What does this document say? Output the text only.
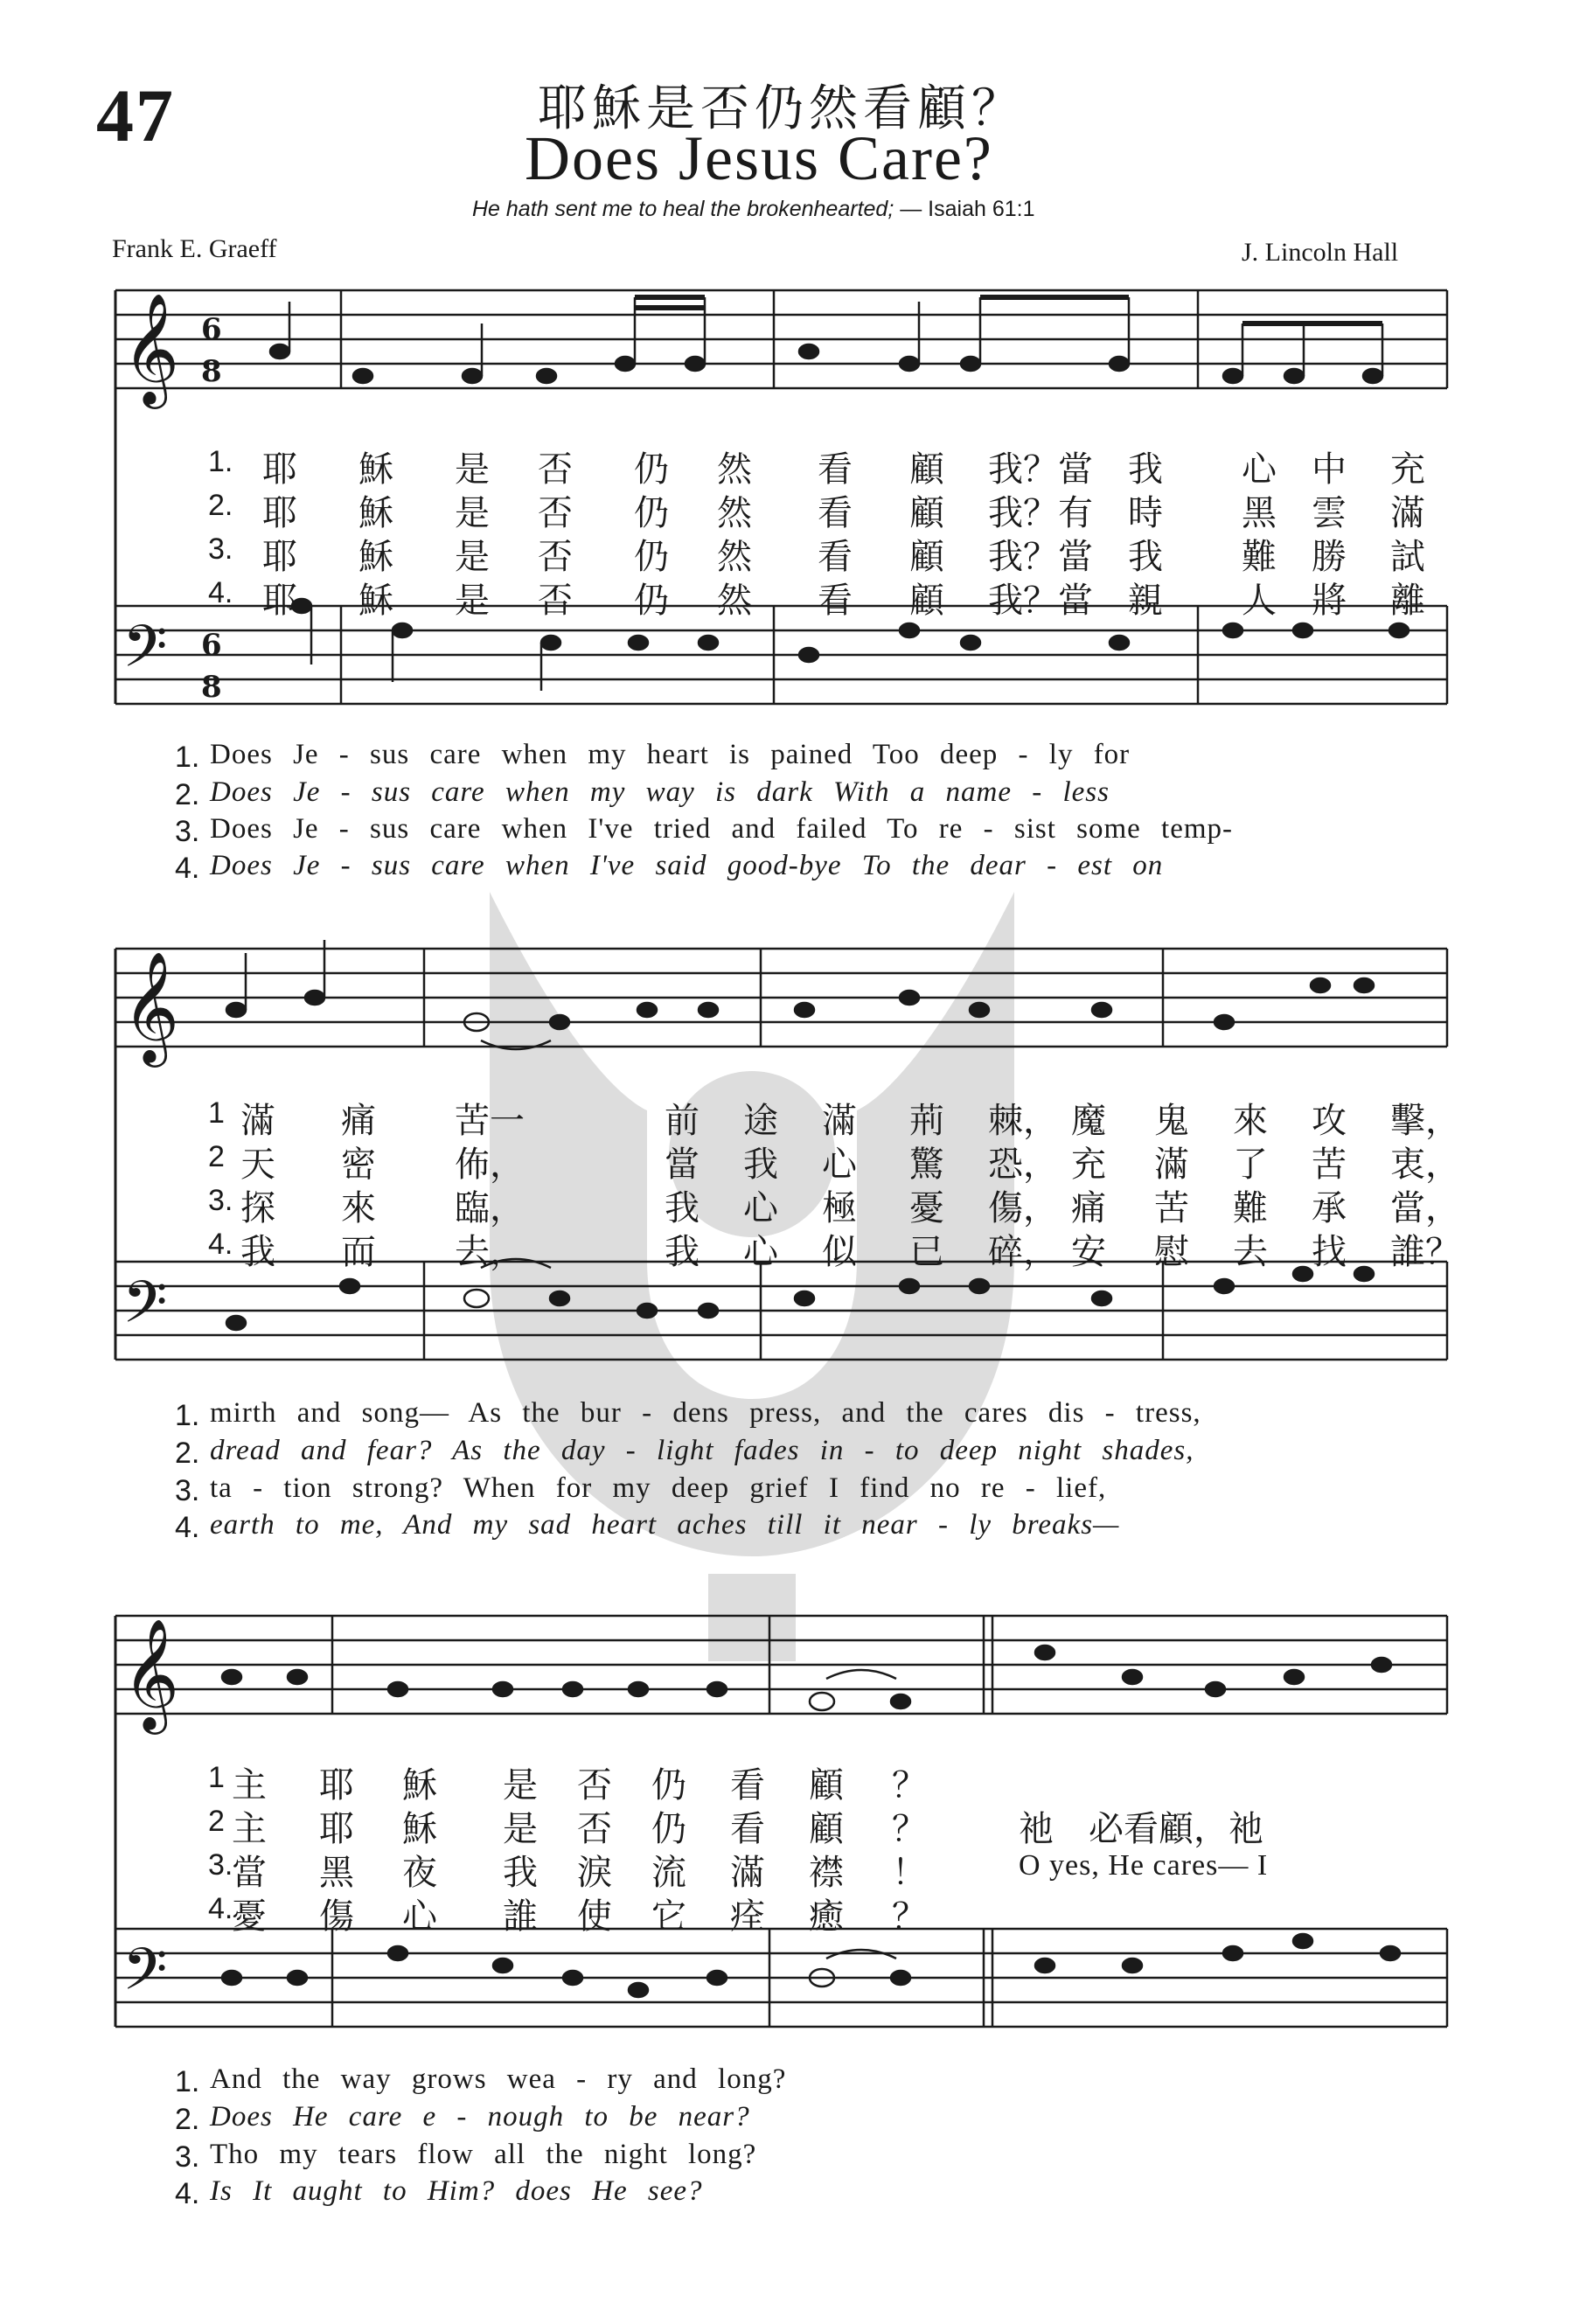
47	耶穌是否仍然看顧？
Does Jesus Care?
He hath sent me to heal the brokenhearted; — Isaiah 61:1
Frank E. Graeff	J. Lincoln Hall
𝄞 6
8
𝄢 6
8
𝄞
𝄢
𝄞
𝄢
1. 耶 穌 是 否 仍 然 看 顧 我？ 當 我 心 中 充
2. 耶 穌 是 否 仍 然 看 顧 我？ 有 時 黑 雲 滿
3. 耶 穌 是 否 仍 然 看 顧 我？ 當 我 難 勝 試
4. 耶 穌 是 否 仍 然 看 顧 我？ 當 親 人 將 離
1. Does Je - sus care when my heart is pained Too deep - ly for
2. Does Je - sus care when my way is dark With a name - less
3. Does Je - sus care when I've tried and failed To re - sist some temp-
4. Does Je - sus care when I've said good-bye To the dear - est on
1 滿 痛 苦一	前 途 滿 荊 棘， 魔 鬼 來 攻 擊，
2 天 密 佈，	當 我 心 驚 恐， 充 滿 了 苦 衷，
3. 探 來 臨，	我 心 極 憂 傷， 痛 苦 難 承 當，
4. 我 而 去，	我 心 似 已 碎， 安 慰 去 找 誰？
1. mirth and song— As the bur - dens press, and the cares dis - tress,
2. dread and fear? As the day - light fades in - to deep night shades,
3. ta - tion strong? When for my deep grief I find no re - lief,
4. earth to me, And my sad heart aches till it near - ly breaks—
1 主 耶 穌 是 否 仍 看 顧 ？
2 主 耶 穌 是 否 仍 看 顧 ？
3.
當 黑 夜 我 淚 流 滿 襟 ！
4.
憂 傷 心 誰 使 它 痊 癒 ？
1. And the way grows wea - ry and long?
2. Does He care e - nough to be near?
3. Tho my tears flow all the night long?
4. Is It aught to Him? does He see?
祂　必看顧，祂
O yes, He cares— I
